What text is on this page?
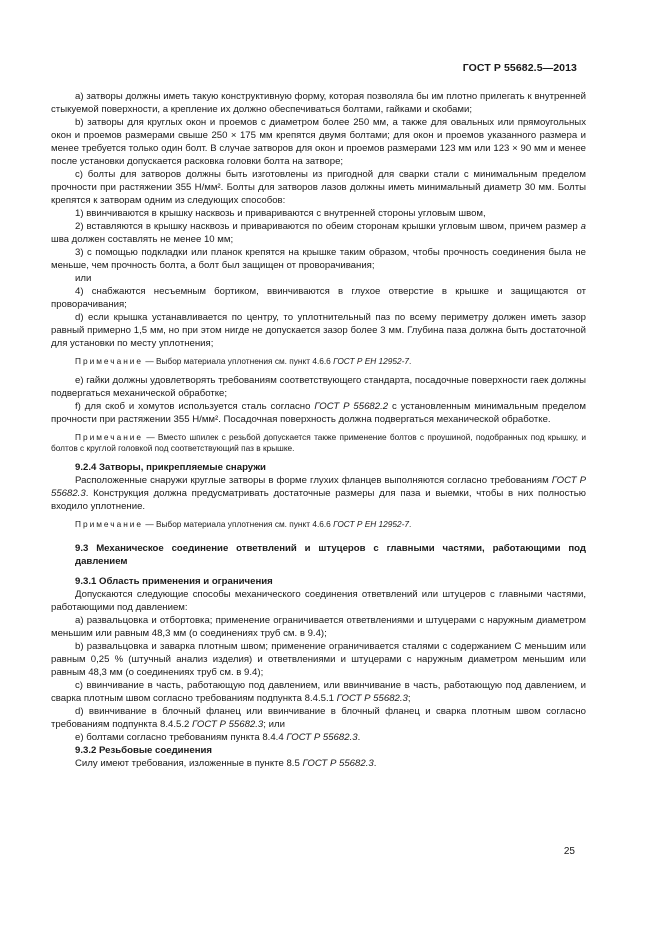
ГОСТ Р 55682.5—2013

а) затворы должны иметь такую конструктивную форму, которая позволяла бы им плотно прилегать к внутренней стыкуемой поверхности, а крепление их должно обеспечиваться болтами, гайками и скобами;

b) затворы для круглых окон и проемов с диаметром более 250 мм, а также для овальных или прямоугольных окон и проемов размерами свыше 250 × 175 мм крепятся двумя болтами; для окон и проемов указанного размера и менее требуется только один болт. В случае затворов для окон и проемов размерами 123 мм или 123 × 90 мм и менее после установки допускается расковка головки болта на затворе;

c) болты для затворов должны быть изготовлены из пригодной для сварки стали с минимальным пределом прочности при растяжении 355 Н/мм². Болты для затворов лазов должны иметь минимальный диаметр 30 мм. Болты крепятся к затворам одним из следующих способов:

1) ввинчиваются в крышку насквозь и привариваются с внутренней стороны угловым швом,

2) вставляются в крышку насквозь и привариваются по обеим сторонам крышки угловым швом, причем размер a шва должен составлять не менее 10 мм;

3) с помощью подкладки или планок крепятся на крышке таким образом, чтобы прочность соединения была не меньше, чем прочность болта, а болт был защищен от проворачивания;

или

4) снабжаются несъемным бортиком, ввинчиваются в глухое отверстие в крышке и защищаются от проворачивания;

d) если крышка устанавливается по центру, то уплотнительный паз по всему периметру должен иметь зазор равный примерно 1,5 мм, но при этом нигде не допускается зазор более 3 мм. Глубина паза должна быть достаточной для установки по месту уплотнения;

Примечание — Выбор материала уплотнения см. пункт 4.6.6 ГОСТ Р ЕН 12952-7.

e) гайки должны удовлетворять требованиям соответствующего стандарта, посадочные поверхности гаек должны подвергаться механической обработке;

f) для скоб и хомутов используется сталь согласно ГОСТ Р 55682.2 с установленным минимальным пределом прочности при растяжении 355 Н/мм². Посадочная поверхность должна подвергаться механической обработке.

Примечание — Вместо шпилек с резьбой допускается также применение болтов с проушиной, подобранных под крышку, и болтов с круглой головкой под соответствующий паз в крышке.

9.2.4 Затворы, прикрепляемые снаружи

Расположенные снаружи круглые затворы в форме глухих фланцев выполняются согласно требованиям ГОСТ Р 55682.3. Конструкция должна предусматривать достаточные размеры для паза и выемки, чтобы в них полностью входило уплотнение.

Примечание — Выбор материала уплотнения см. пункт 4.6.6 ГОСТ Р ЕН 12952-7.

9.3 Механическое соединение ответвлений и штуцеров с главными частями, работающими под давлением

9.3.1 Область применения и ограничения

Допускаются следующие способы механического соединения ответвлений или штуцеров с главными частями, работающими под давлением:

a) развальцовка и отбортовка; применение ограничивается ответвлениями и штуцерами с наружным диаметром меньшим или равным 48,3 мм (о соединениях труб см. в 9.4);

b) развальцовка и заварка плотным швом; применение ограничивается сталями с содержанием C меньшим или равным 0,25 % (штучный анализ изделия) и ответвлениями и штуцерами с наружным диаметром меньшим или равным 48,3 мм (о соединениях труб см. в 9.4);

c) ввинчивание в часть, работающую под давлением, или ввинчивание в часть, работающую под давлением, и сварка плотным швом согласно требованиям подпункта 8.4.5.1 ГОСТ Р 55682.3;

d) ввинчивание в блочный фланец или ввинчивание в блочный фланец и сварка плотным швом согласно требованиям подпункта 8.4.5.2 ГОСТ Р 55682.3; или

e) болтами согласно требованиям пункта 8.4.4 ГОСТ Р 55682.3.

9.3.2 Резьбовые соединения

Силу имеют требования, изложенные в пункте 8.5 ГОСТ Р 55682.3.

25
